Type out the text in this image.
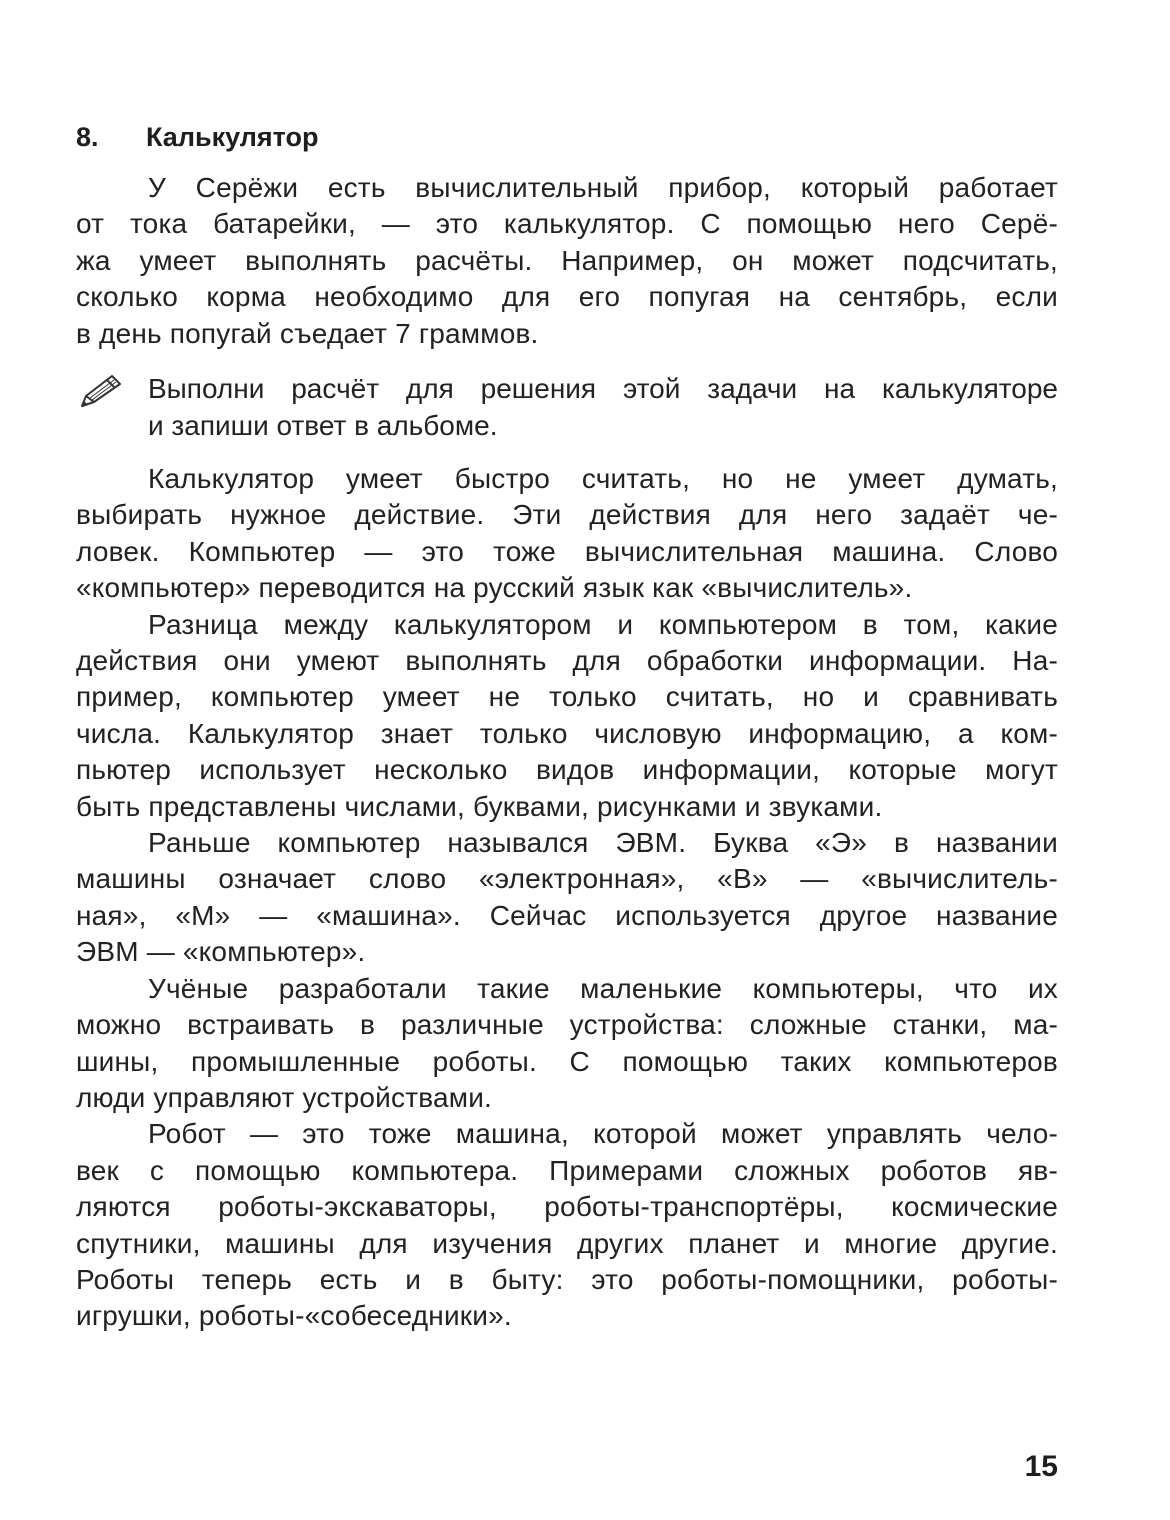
8.	Калькулятор
У Серёжи есть вычислительный прибор, который работает
от тока батарейки, — это калькулятор. С помощью него Серё-
жа умеет выполнять расчёты. Например, он может подсчитать,
сколько корма необходимо для его попугая на сентябрь, если
в день попугай съедает 7 граммов.
Выполни расчёт для решения этой задачи на калькуляторе
и запиши ответ в альбоме.
Калькулятор умеет быстро считать, но не умеет думать,
выбирать нужное действие. Эти действия для него задаёт че-
ловек. Компьютер — это тоже вычислительная машина. Слово
«компьютер» переводится на русский язык как «вычислитель».
Разница между калькулятором и компьютером в том, какие
действия они умеют выполнять для обработки информации. На-
пример, компьютер умеет не только считать, но и сравнивать
числа. Калькулятор знает только числовую информацию, а ком-
пьютер использует несколько видов информации, которые могут
быть представлены числами, буквами, рисунками и звуками.
Раньше компьютер назывался ЭВМ. Буква «Э» в названии
машины означает слово «электронная», «В» — «вычислитель-
ная», «М» — «машина». Сейчас используется другое название
ЭВМ — «компьютер».
Учёные разработали такие маленькие компьютеры, что их
можно встраивать в различные устройства: сложные станки, ма-
шины, промышленные роботы. С помощью таких компьютеров
люди управляют устройствами.
Робот — это тоже машина, которой может управлять чело-
век с помощью компьютера. Примерами сложных роботов яв-
ляются роботы-экскаваторы, роботы-транспортёры, космические
спутники, машины для изучения других планет и многие другие.
Роботы теперь есть и в быту: это роботы-помощники, роботы-
игрушки, роботы-«собеседники».
15
